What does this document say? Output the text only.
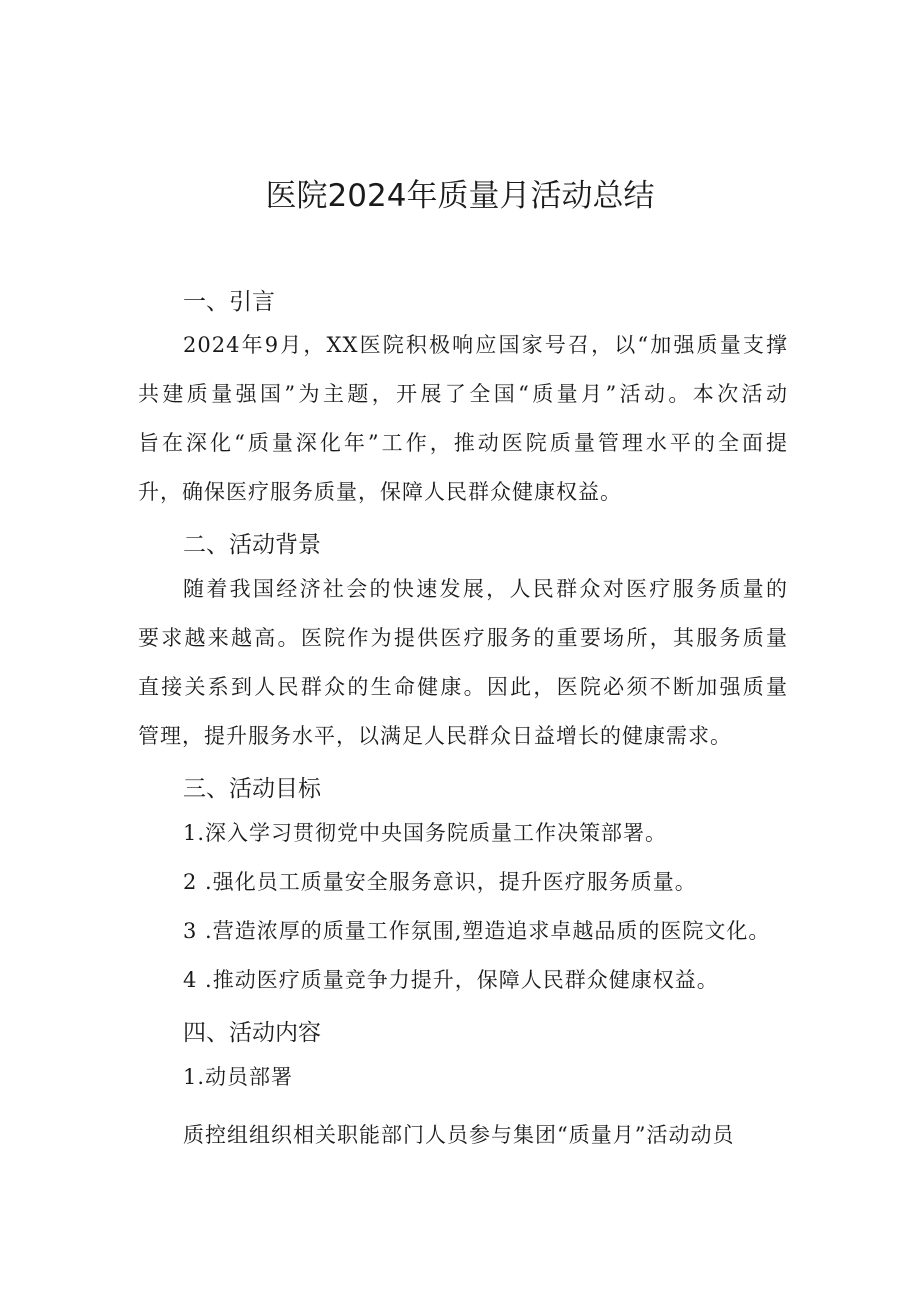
医院2024年质量月活动总结
一、引言

2024年9月，XX医院积极响应国家号召，以“加强质量支撑

共建质量强国”为主题，开展了全国“质量月”活动。本次活动

旨在深化“质量深化年”工作，推动医院质量管理水平的全面提

升，确保医疗服务质量，保障人民群众健康权益。

二、活动背景

随着我国经济社会的快速发展，人民群众对医疗服务质量的

要求越来越高。医院作为提供医疗服务的重要场所，其服务质量

直接关系到人民群众的生命健康。因此，医院必须不断加强质量

管理，提升服务水平，以满足人民群众日益增长的健康需求。

三、活动目标

1.深入学习贯彻党中央国务院质量工作决策部署。

2 .强化员工质量安全服务意识，提升医疗服务质量。

3 .营造浓厚的质量工作氛围,塑造追求卓越品质的医院文化。

4 .推动医疗质量竞争力提升，保障人民群众健康权益。

四、活动内容

1.动员部署

质控组组织相关职能部门人员参与集团“质量月”活动动员
